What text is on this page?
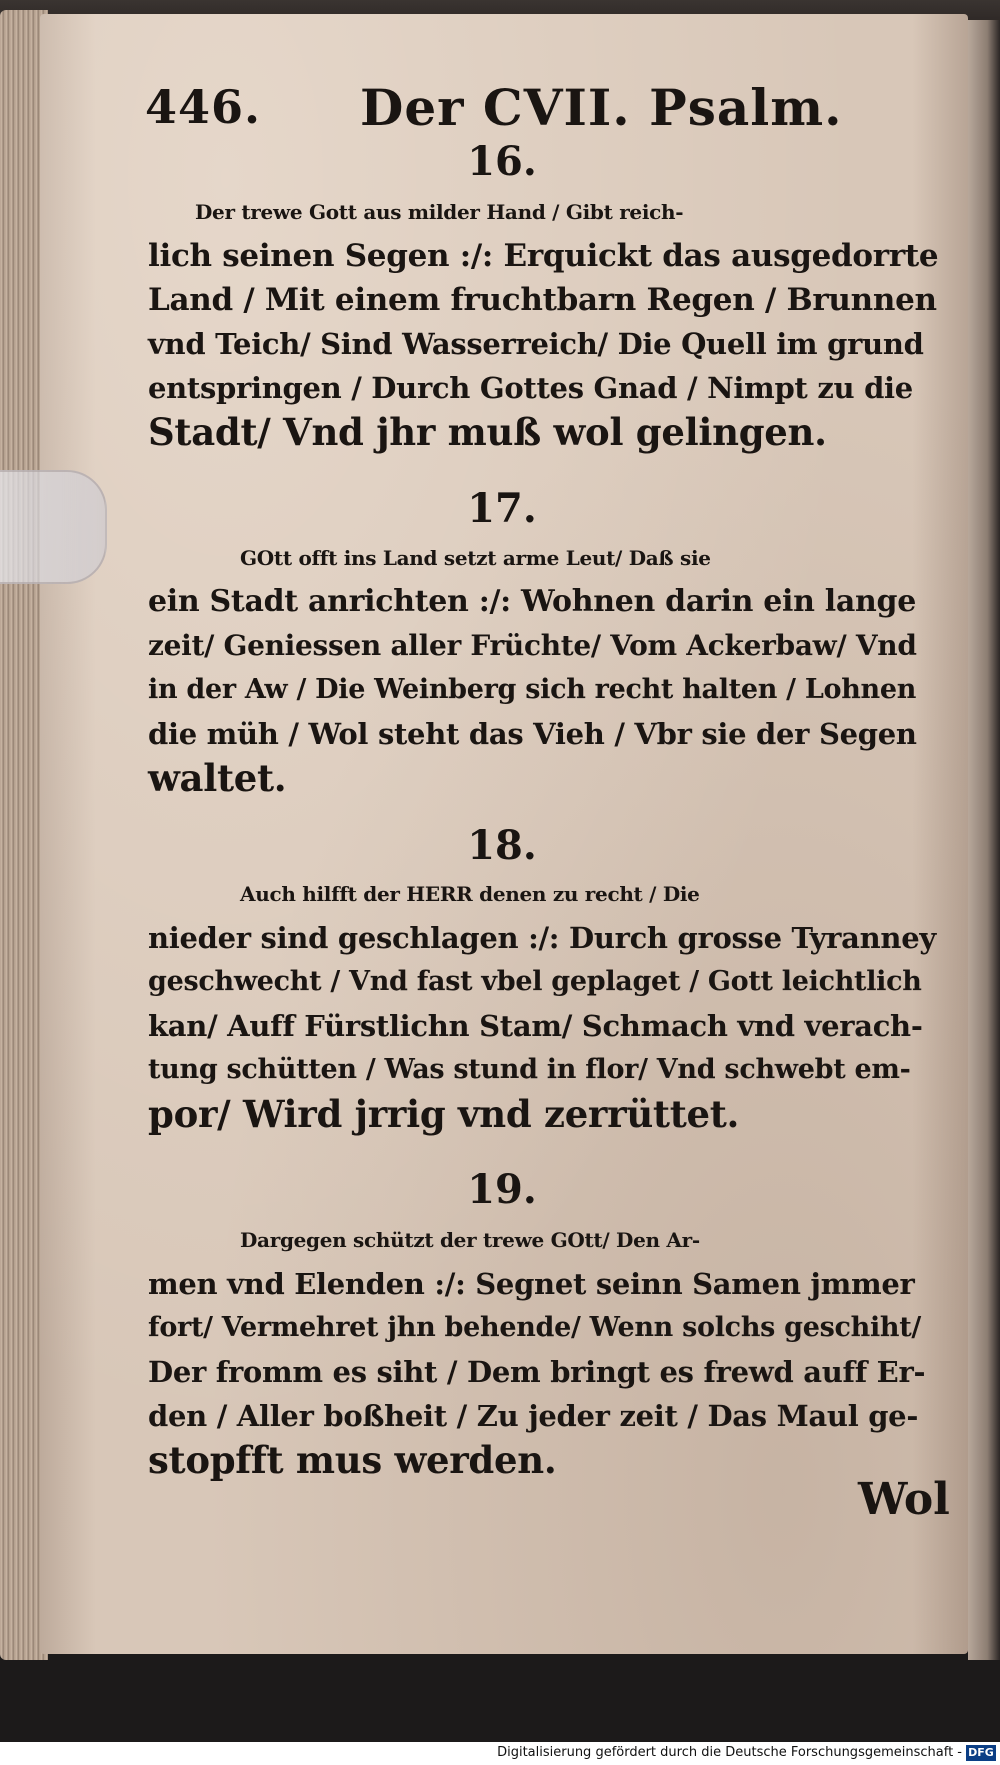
446. Der CVII. Psalm.
16.
Der trewe Gott aus milder Hand / Gibt reich-
lich seinen Segen :/: Erquickt das ausgedorrte
Land / Mit einem fruchtbarn Regen / Brunnen
vnd Teich/ Sind Wasserreich/ Die Quell im grund
entspringen / Durch Gottes Gnad / Nimpt zu die
Stadt/ Vnd jhr muß wol gelingen.
17.
GOtt offt ins Land setzt arme Leut/ Daß sie
ein Stadt anrichten :/: Wohnen darin ein lange
zeit/ Geniessen aller Früchte/ Vom Ackerbaw/ Vnd
in der Aw / Die Weinberg sich recht halten / Lohnen
die müh / Wol steht das Vieh / Vbr sie der Segen
waltet.
18.
Auch hilfft der HERR denen zu recht / Die
nieder sind geschlagen :/: Durch grosse Tyranney
geschwecht / Vnd fast vbel geplaget / Gott leichtlich
kan/ Auff Fürstlichn Stam/ Schmach vnd verach-
tung schütten / Was stund in flor/ Vnd schwebt em-
por/ Wird jrrig vnd zerrüttet.
19.
Dargegen schützt der trewe GOtt/ Den Ar-
men vnd Elenden :/: Segnet seinn Samen jmmer
fort/ Vermehret jhn behende/ Wenn solchs geschiht/
Der fromm es siht / Dem bringt es frewd auff Er-
den / Aller boßheit / Zu jeder zeit / Das Maul ge-
stopfft mus werden.
Wol
Digitalisierung gefördert durch die Deutsche Forschungsgemeinschaft - DFG
